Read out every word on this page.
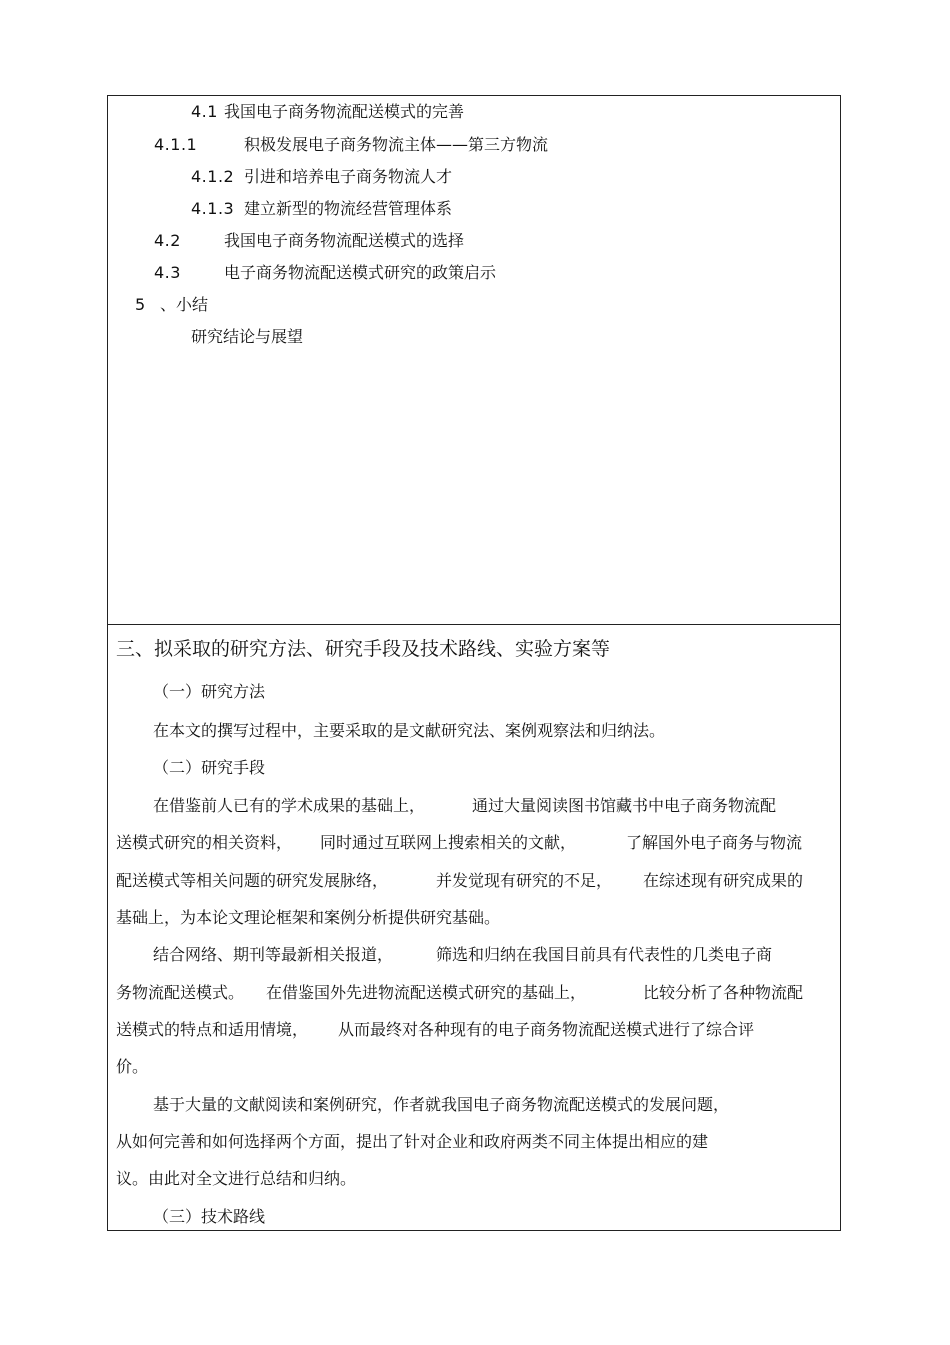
4.1 我国电子商务物流配送模式的完善
4.1.1	积极发展电子商务物流主体——第三方物流
4.1.2 引进和培养电子商务物流人才
4.1.3 建立新型的物流经营管理体系
4.2	我国电子商务物流配送模式的选择
4.3	电子商务物流配送模式研究的政策启示
5 、小结
研究结论与展望
三、拟采取的研究方法、研究手段及技术路线、实验方案等
（一）研究方法
在本文的撰写过程中，主要采取的是文献研究法、案例观察法和归纳法。
（二）研究手段
在借鉴前人已有的学术成果的基础上，	通过大量阅读图书馆藏书中电子商务物流配
送模式研究的相关资料， 同时通过互联网上搜索相关的文献，	了解国外电子商务与物流
配送模式等相关问题的研究发展脉络，	并发觉现有研究的不足， 在综述现有研究成果的
基础上，为本论文理论框架和案例分析提供研究基础。
结合网络、期刊等最新相关报道，	筛选和归纳在我国目前具有代表性的几类电子商
务物流配送模式。 在借鉴国外先进物流配送模式研究的基础上，	比较分析了各种物流配
送模式的特点和适用情境， 从而最终对各种现有的电子商务物流配送模式进行了综合评
价。
基于大量的文献阅读和案例研究，作者就我国电子商务物流配送模式的发展问题，
从如何完善和如何选择两个方面，提出了针对企业和政府两类不同主体提出相应的建
议。由此对全文进行总结和归纳。
（三）技术路线
